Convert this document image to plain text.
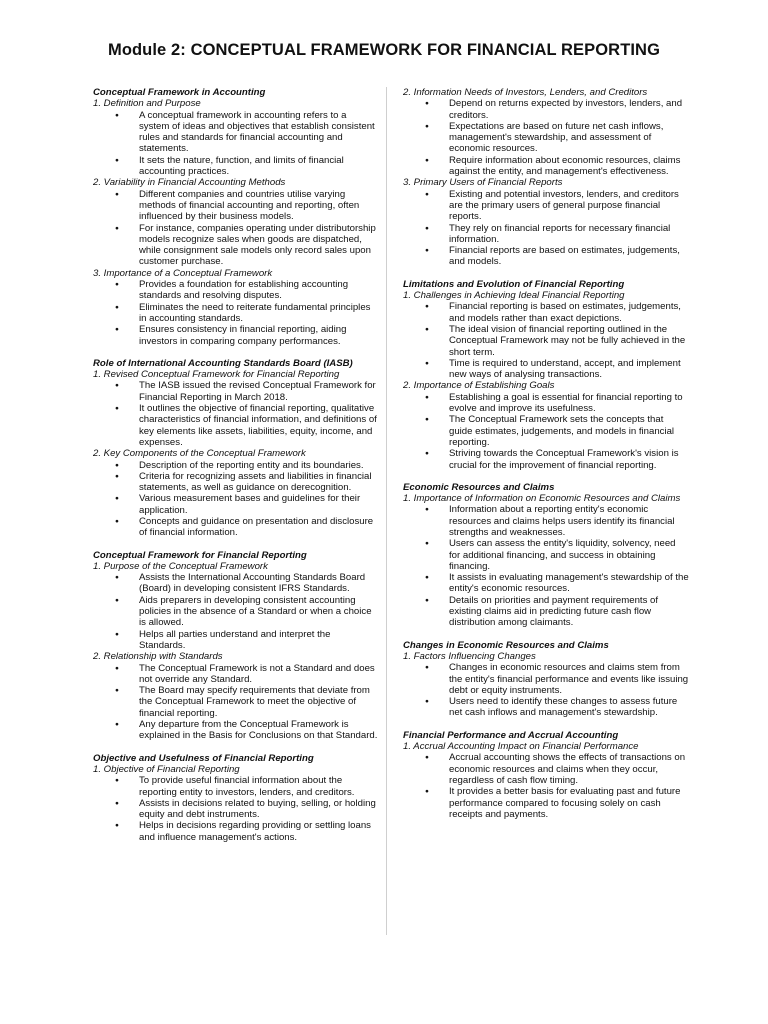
Module 2: CONCEPTUAL FRAMEWORK FOR FINANCIAL REPORTING
Conceptual Framework in Accounting
1. Definition and Purpose
● A conceptual framework in accounting refers to a system of ideas and objectives that establish consistent rules and standards for financial accounting and statements.
● It sets the nature, function, and limits of financial accounting practices.
2. Variability in Financial Accounting Methods
● Different companies and countries utilise varying methods of financial accounting and reporting, often influenced by their business models.
● For instance, companies operating under distributorship models recognize sales when goods are dispatched, while consignment sale models only record sales upon customer purchase.
3. Importance of a Conceptual Framework
● Provides a foundation for establishing accounting standards and resolving disputes.
● Eliminates the need to reiterate fundamental principles in accounting standards.
● Ensures consistency in financial reporting, aiding investors in comparing company performances.
Role of International Accounting Standards Board (IASB)
1. Revised Conceptual Framework for Financial Reporting
● The IASB issued the revised Conceptual Framework for Financial Reporting in March 2018.
● It outlines the objective of financial reporting, qualitative characteristics of financial information, and definitions of key elements like assets, liabilities, equity, income, and expenses.
2. Key Components of the Conceptual Framework
● Description of the reporting entity and its boundaries.
● Criteria for recognizing assets and liabilities in financial statements, as well as guidance on derecognition.
● Various measurement bases and guidelines for their application.
● Concepts and guidance on presentation and disclosure of financial information.
Conceptual Framework for Financial Reporting
1. Purpose of the Conceptual Framework
● Assists the International Accounting Standards Board (Board) in developing consistent IFRS Standards.
● Aids preparers in developing consistent accounting policies in the absence of a Standard or when a choice is allowed.
● Helps all parties understand and interpret the Standards.
2. Relationship with Standards
● The Conceptual Framework is not a Standard and does not override any Standard.
● The Board may specify requirements that deviate from the Conceptual Framework to meet the objective of financial reporting.
● Any departure from the Conceptual Framework is explained in the Basis for Conclusions on that Standard.
Objective and Usefulness of Financial Reporting
1. Objective of Financial Reporting
● To provide useful financial information about the reporting entity to investors, lenders, and creditors.
● Assists in decisions related to buying, selling, or holding equity and debt instruments.
● Helps in decisions regarding providing or settling loans and influence management's actions.
2. Information Needs of Investors, Lenders, and Creditors
● Depend on returns expected by investors, lenders, and creditors.
● Expectations are based on future net cash inflows, management's stewardship, and assessment of economic resources.
● Require information about economic resources, claims against the entity, and management's effectiveness.
3. Primary Users of Financial Reports
● Existing and potential investors, lenders, and creditors are the primary users of general purpose financial reports.
● They rely on financial reports for necessary financial information.
● Financial reports are based on estimates, judgements, and models.
Limitations and Evolution of Financial Reporting
1. Challenges in Achieving Ideal Financial Reporting
● Financial reporting is based on estimates, judgements, and models rather than exact depictions.
● The ideal vision of financial reporting outlined in the Conceptual Framework may not be fully achieved in the short term.
● Time is required to understand, accept, and implement new ways of analysing transactions.
2. Importance of Establishing Goals
● Establishing a goal is essential for financial reporting to evolve and improve its usefulness.
● The Conceptual Framework sets the concepts that guide estimates, judgements, and models in financial reporting.
● Striving towards the Conceptual Framework's vision is crucial for the improvement of financial reporting.
Economic Resources and Claims
1. Importance of Information on Economic Resources and Claims
● Information about a reporting entity's economic resources and claims helps users identify its financial strengths and weaknesses.
● Users can assess the entity's liquidity, solvency, need for additional financing, and success in obtaining financing.
● It assists in evaluating management's stewardship of the entity's economic resources.
● Details on priorities and payment requirements of existing claims aid in predicting future cash flow distribution among claimants.
Changes in Economic Resources and Claims
1. Factors Influencing Changes
● Changes in economic resources and claims stem from the entity's financial performance and events like issuing debt or equity instruments.
● Users need to identify these changes to assess future net cash inflows and management's stewardship.
Financial Performance and Accrual Accounting
1. Accrual Accounting Impact on Financial Performance
● Accrual accounting shows the effects of transactions on economic resources and claims when they occur, regardless of cash flow timing.
● It provides a better basis for evaluating past and future performance compared to focusing solely on cash receipts and payments.
